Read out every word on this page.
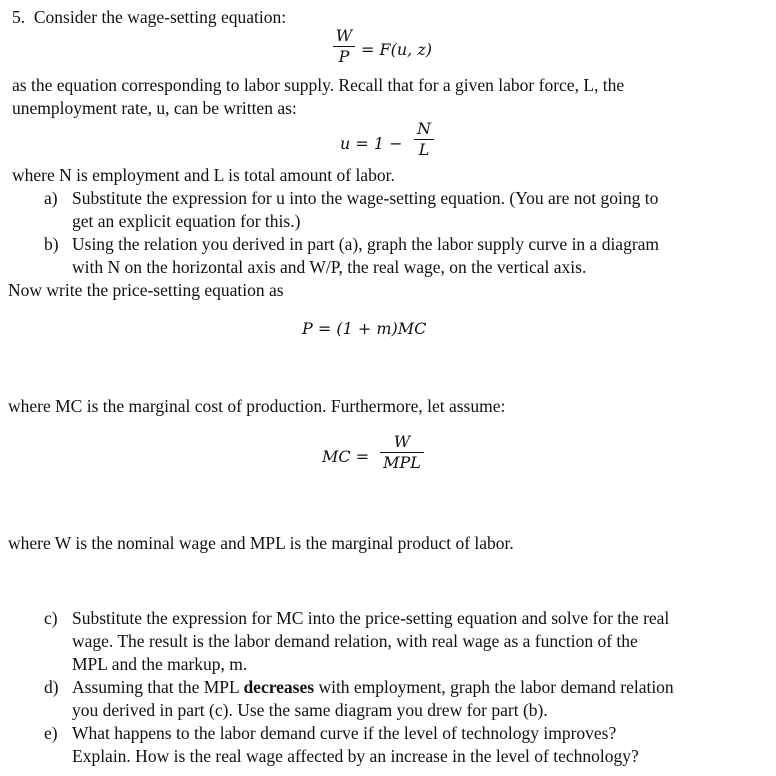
5. Consider the wage-setting equation:
W
P = F(u, z)
as the equation corresponding to labor supply. Recall that for a given labor force, L, the
unemployment rate, u, can be written as:
u = 1 −
N
L
where N is employment and L is total amount of labor.
a) Substitute the expression for u into the wage-setting equation. (You are not going to
get an explicit equation for this.)
b) Using the relation you derived in part (a), graph the labor supply curve in a diagram
with N on the horizontal axis and W/P, the real wage, on the vertical axis.
Now write the price-setting equation as
P = (1 + m)MC
where MC is the marginal cost of production. Furthermore, let assume:
MC =
W
MPL
where W is the nominal wage and MPL is the marginal product of labor.
c) Substitute the expression for MC into the price-setting equation and solve for the real
wage. The result is the labor demand relation, with real wage as a function of the
MPL and the markup, m.
d) Assuming that the MPL decreases with employment, graph the labor demand relation
you derived in part (c). Use the same diagram you drew for part (b).
e) What happens to the labor demand curve if the level of technology improves?
Explain. How is the real wage affected by an increase in the level of technology?
